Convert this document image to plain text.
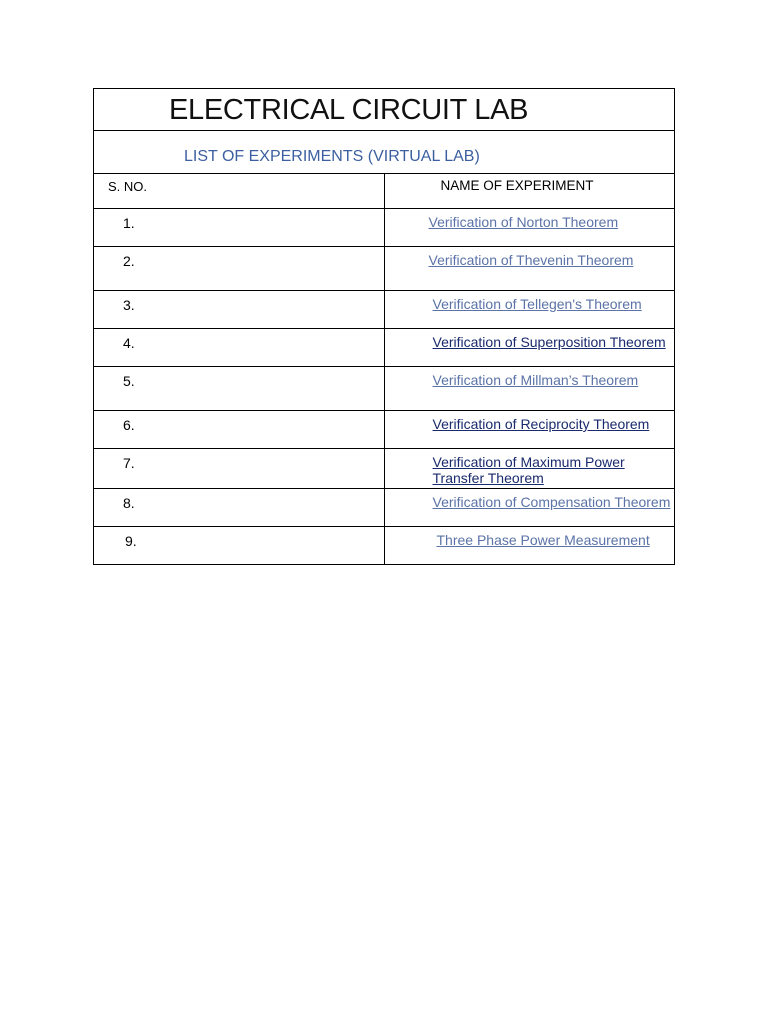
ELECTRICAL CIRCUIT LAB	

LIST OF EXPERIMENTS (VIRTUAL LAB)	

S. NO.	NAME OF EXPERIMENT

1.	Verification of Norton Theorem

2.	Verification of Thevenin Theorem

3.	Verification of Tellegen's Theorem

4.	Verification of Superposition Theorem

5.	Verification of Millman’s Theorem

6.	Verification of Reciprocity Theorem

7.	Verification of Maximum Power Transfer Theorem

8.	Verification of Compensation Theorem

9.	Three Phase Power Measurement
